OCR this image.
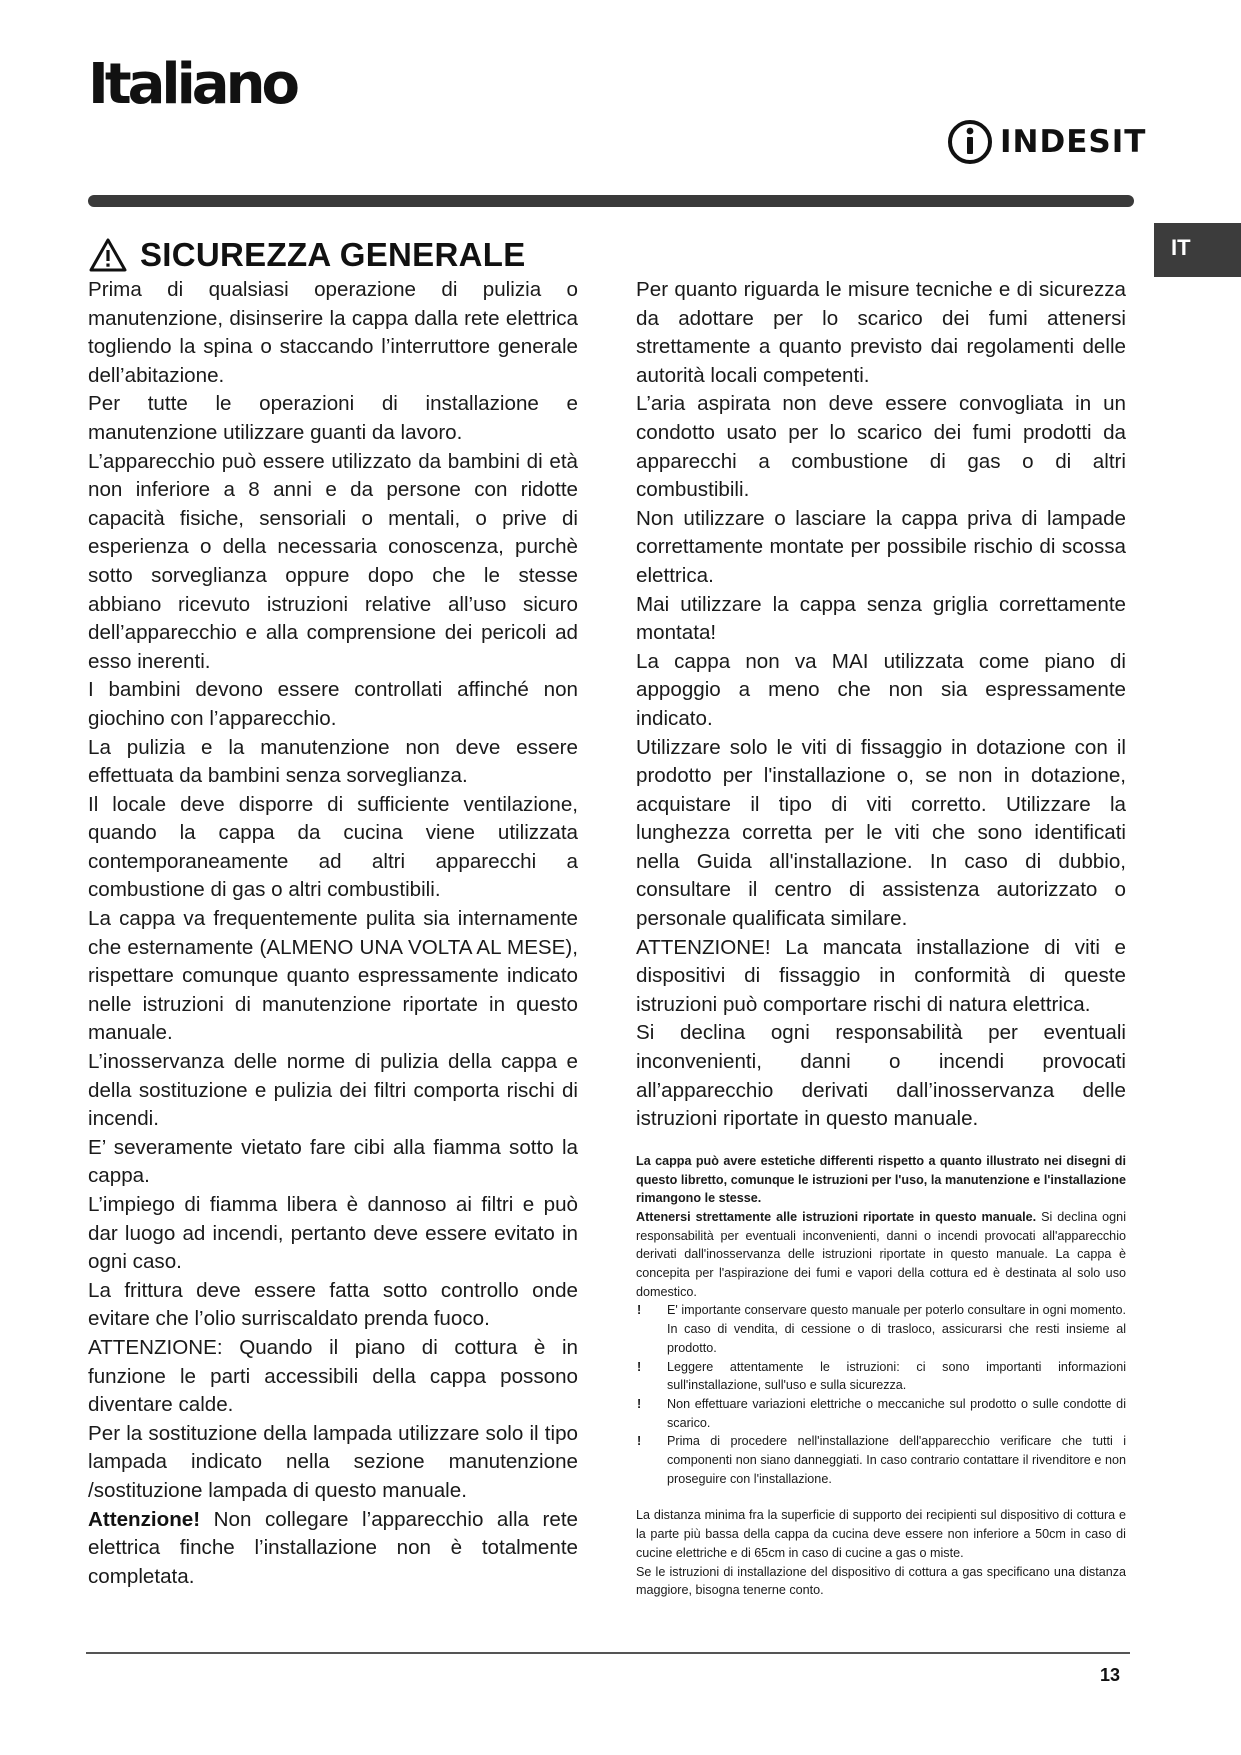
Italiano
INDESIT
IT
SICUREZZA GENERALE

Prima di qualsiasi operazione di pulizia o manutenzione, disinserire la cappa dalla rete elettrica togliendo la spina o staccando l’interruttore generale dell’abitazione.

Per tutte le operazioni di installazione e manutenzione utilizzare guanti da lavoro.

L’apparecchio può essere utilizzato da bambini di età non inferiore a 8 anni e da persone con ridotte capacità fisiche, sensoriali o mentali, o prive di esperienza o della necessaria conoscenza, purchè sotto sorveglianza oppure dopo che le stesse abbiano ricevuto istruzioni relative all’uso sicuro dell’apparecchio e alla comprensione dei pericoli ad esso inerenti.

I bambini devono essere controllati affinché non giochino con l’apparecchio.

La pulizia e la manutenzione non deve essere effettuata da bambini senza sorveglianza.

Il locale deve disporre di sufficiente ventilazione, quando la cappa da cucina viene utilizzata contemporaneamente ad altri apparecchi a combustione di gas o altri combustibili.

La cappa va frequentemente pulita sia internamente che esternamente (ALMENO UNA VOLTA AL MESE), rispettare comunque quanto espressamente indicato nelle istruzioni di manutenzione riportate in questo manuale.

L’inosservanza delle norme di pulizia della cappa e della sostituzione e pulizia dei filtri comporta rischi di incendi.

E’ severamente vietato fare cibi alla fiamma sotto la cappa.

L’impiego di fiamma libera è dannoso ai filtri e può dar luogo ad incendi, pertanto deve essere evitato in ogni caso.

La frittura deve essere fatta sotto controllo onde evitare che l’olio surriscaldato prenda fuoco.

ATTENZIONE: Quando il piano di cottura è in funzione le parti accessibili della cappa possono diventare calde.

Per la sostituzione della lampada utilizzare solo il tipo lampada indicato nella sezione manutenzione /sostituzione lampada di questo manuale.

Attenzione! Non collegare l’apparecchio alla rete elettrica finche l’installazione non è totalmente completata.

Per quanto riguarda le misure tecniche e di sicurezza da adottare per lo scarico dei fumi attenersi strettamente a quanto previsto dai regolamenti delle autorità locali competenti.

L’aria aspirata non deve essere convogliata in un condotto usato per lo scarico dei fumi prodotti da apparecchi a combustione di gas o di altri combustibili.

Non utilizzare o lasciare la cappa priva di lampade correttamente montate per possibile rischio di scossa elettrica.

Mai utilizzare la cappa senza griglia correttamente montata!

La cappa non va MAI utilizzata come piano di appoggio a meno che non sia espressamente indicato.

Utilizzare solo le viti di fissaggio in dotazione con il prodotto per l'installazione o, se non in dotazione, acquistare il tipo di viti corretto. Utilizzare la lunghezza corretta per le viti che sono identificati nella Guida all'installazione. In caso di dubbio, consultare il centro di assistenza autorizzato o personale qualificata similare.

ATTENZIONE! La mancata installazione di viti e dispositivi di fissaggio in conformità di queste istruzioni può comportare rischi di natura elettrica.

Si declina ogni responsabilità per eventuali inconvenienti, danni o incendi provocati all’apparecchio derivati dall’inosservanza delle istruzioni riportate in questo manuale.

La cappa può avere estetiche differenti rispetto a quanto illustrato nei disegni di questo libretto, comunque le istruzioni per l'uso, la manutenzione e l'installazione rimangono le stesse.

Attenersi strettamente alle istruzioni riportate in questo manuale. Si declina ogni responsabilità per eventuali inconvenienti, danni o incendi provocati all'apparecchio derivati dall'inosservanza delle istruzioni riportate in questo manuale. La cappa è concepita per l'aspirazione dei fumi e vapori della cottura ed è destinata al solo uso domestico.

!	E' importante conservare questo manuale per poterlo consultare in ogni momento. In caso di vendita, di cessione o di trasloco, assicurarsi che resti insieme al prodotto.
!	Leggere attentamente le istruzioni: ci sono importanti informazioni sull'installazione, sull'uso e sulla sicurezza.
!	Non effettuare variazioni elettriche o meccaniche sul prodotto o sulle condotte di scarico.
!	Prima di procedere nell'installazione dell'apparecchio verificare che tutti i componenti non siano danneggiati. In caso contrario contattare il rivenditore e non proseguire con l'installazione.

La distanza minima fra la superficie di supporto dei recipienti sul dispositivo di cottura e la parte più bassa della cappa da cucina deve essere non inferiore a 50cm in caso di cucine elettriche e di 65cm in caso di cucine a gas o miste.

Se le istruzioni di installazione del dispositivo di cottura a gas specificano una distanza maggiore, bisogna tenerne conto.

13
